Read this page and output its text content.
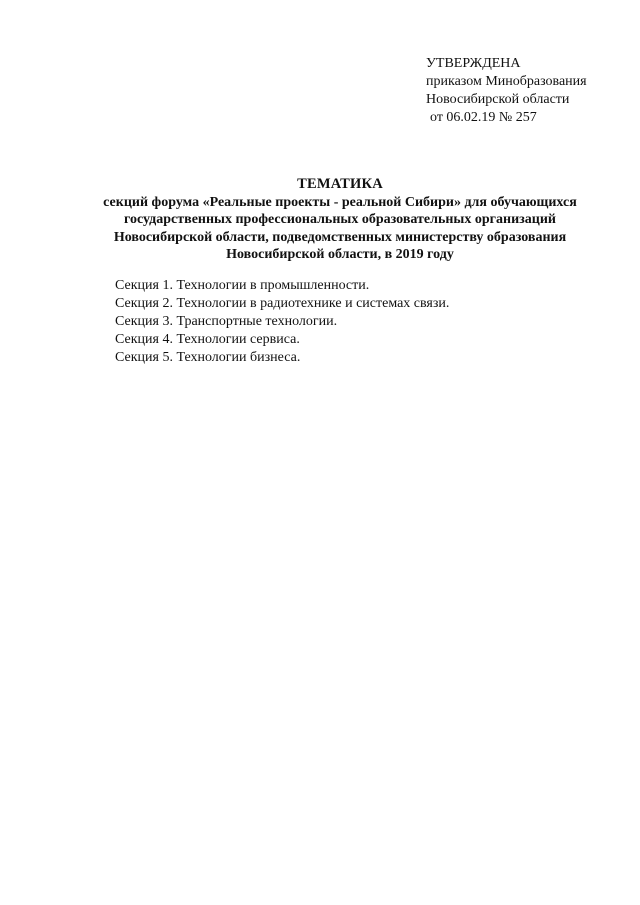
УТВЕРЖДЕНА
приказом Минобразования
Новосибирской области
от 06.02.19 № 257
ТЕМАТИКА
секций форума «Реальные проекты - реальной Сибири» для обучающихся
государственных профессиональных образовательных организаций
Новосибирской области, подведомственных министерству образования
Новосибирской области, в 2019 году
Секция 1. Технологии в промышленности.
Секция 2. Технологии в радиотехнике и системах связи.
Секция 3. Транспортные технологии.
Секция 4. Технологии сервиса.
Секция 5. Технологии бизнеса.
